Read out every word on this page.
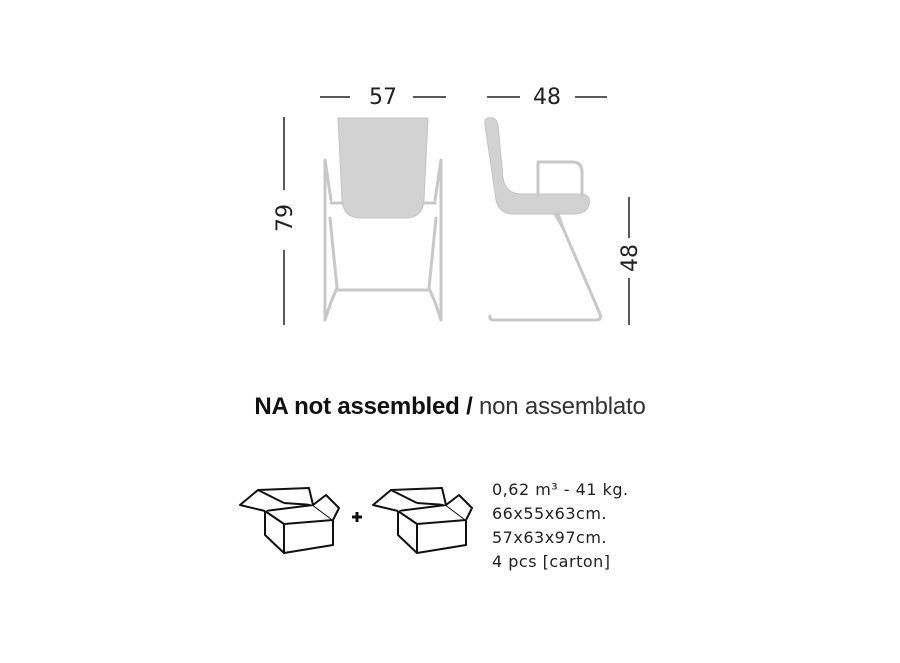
57	48
79
48
NA not assembled / non assemblato
0,62 m³ - 41 kg.
66x55x63cm.
57x63x97cm.
4 pcs [carton]
